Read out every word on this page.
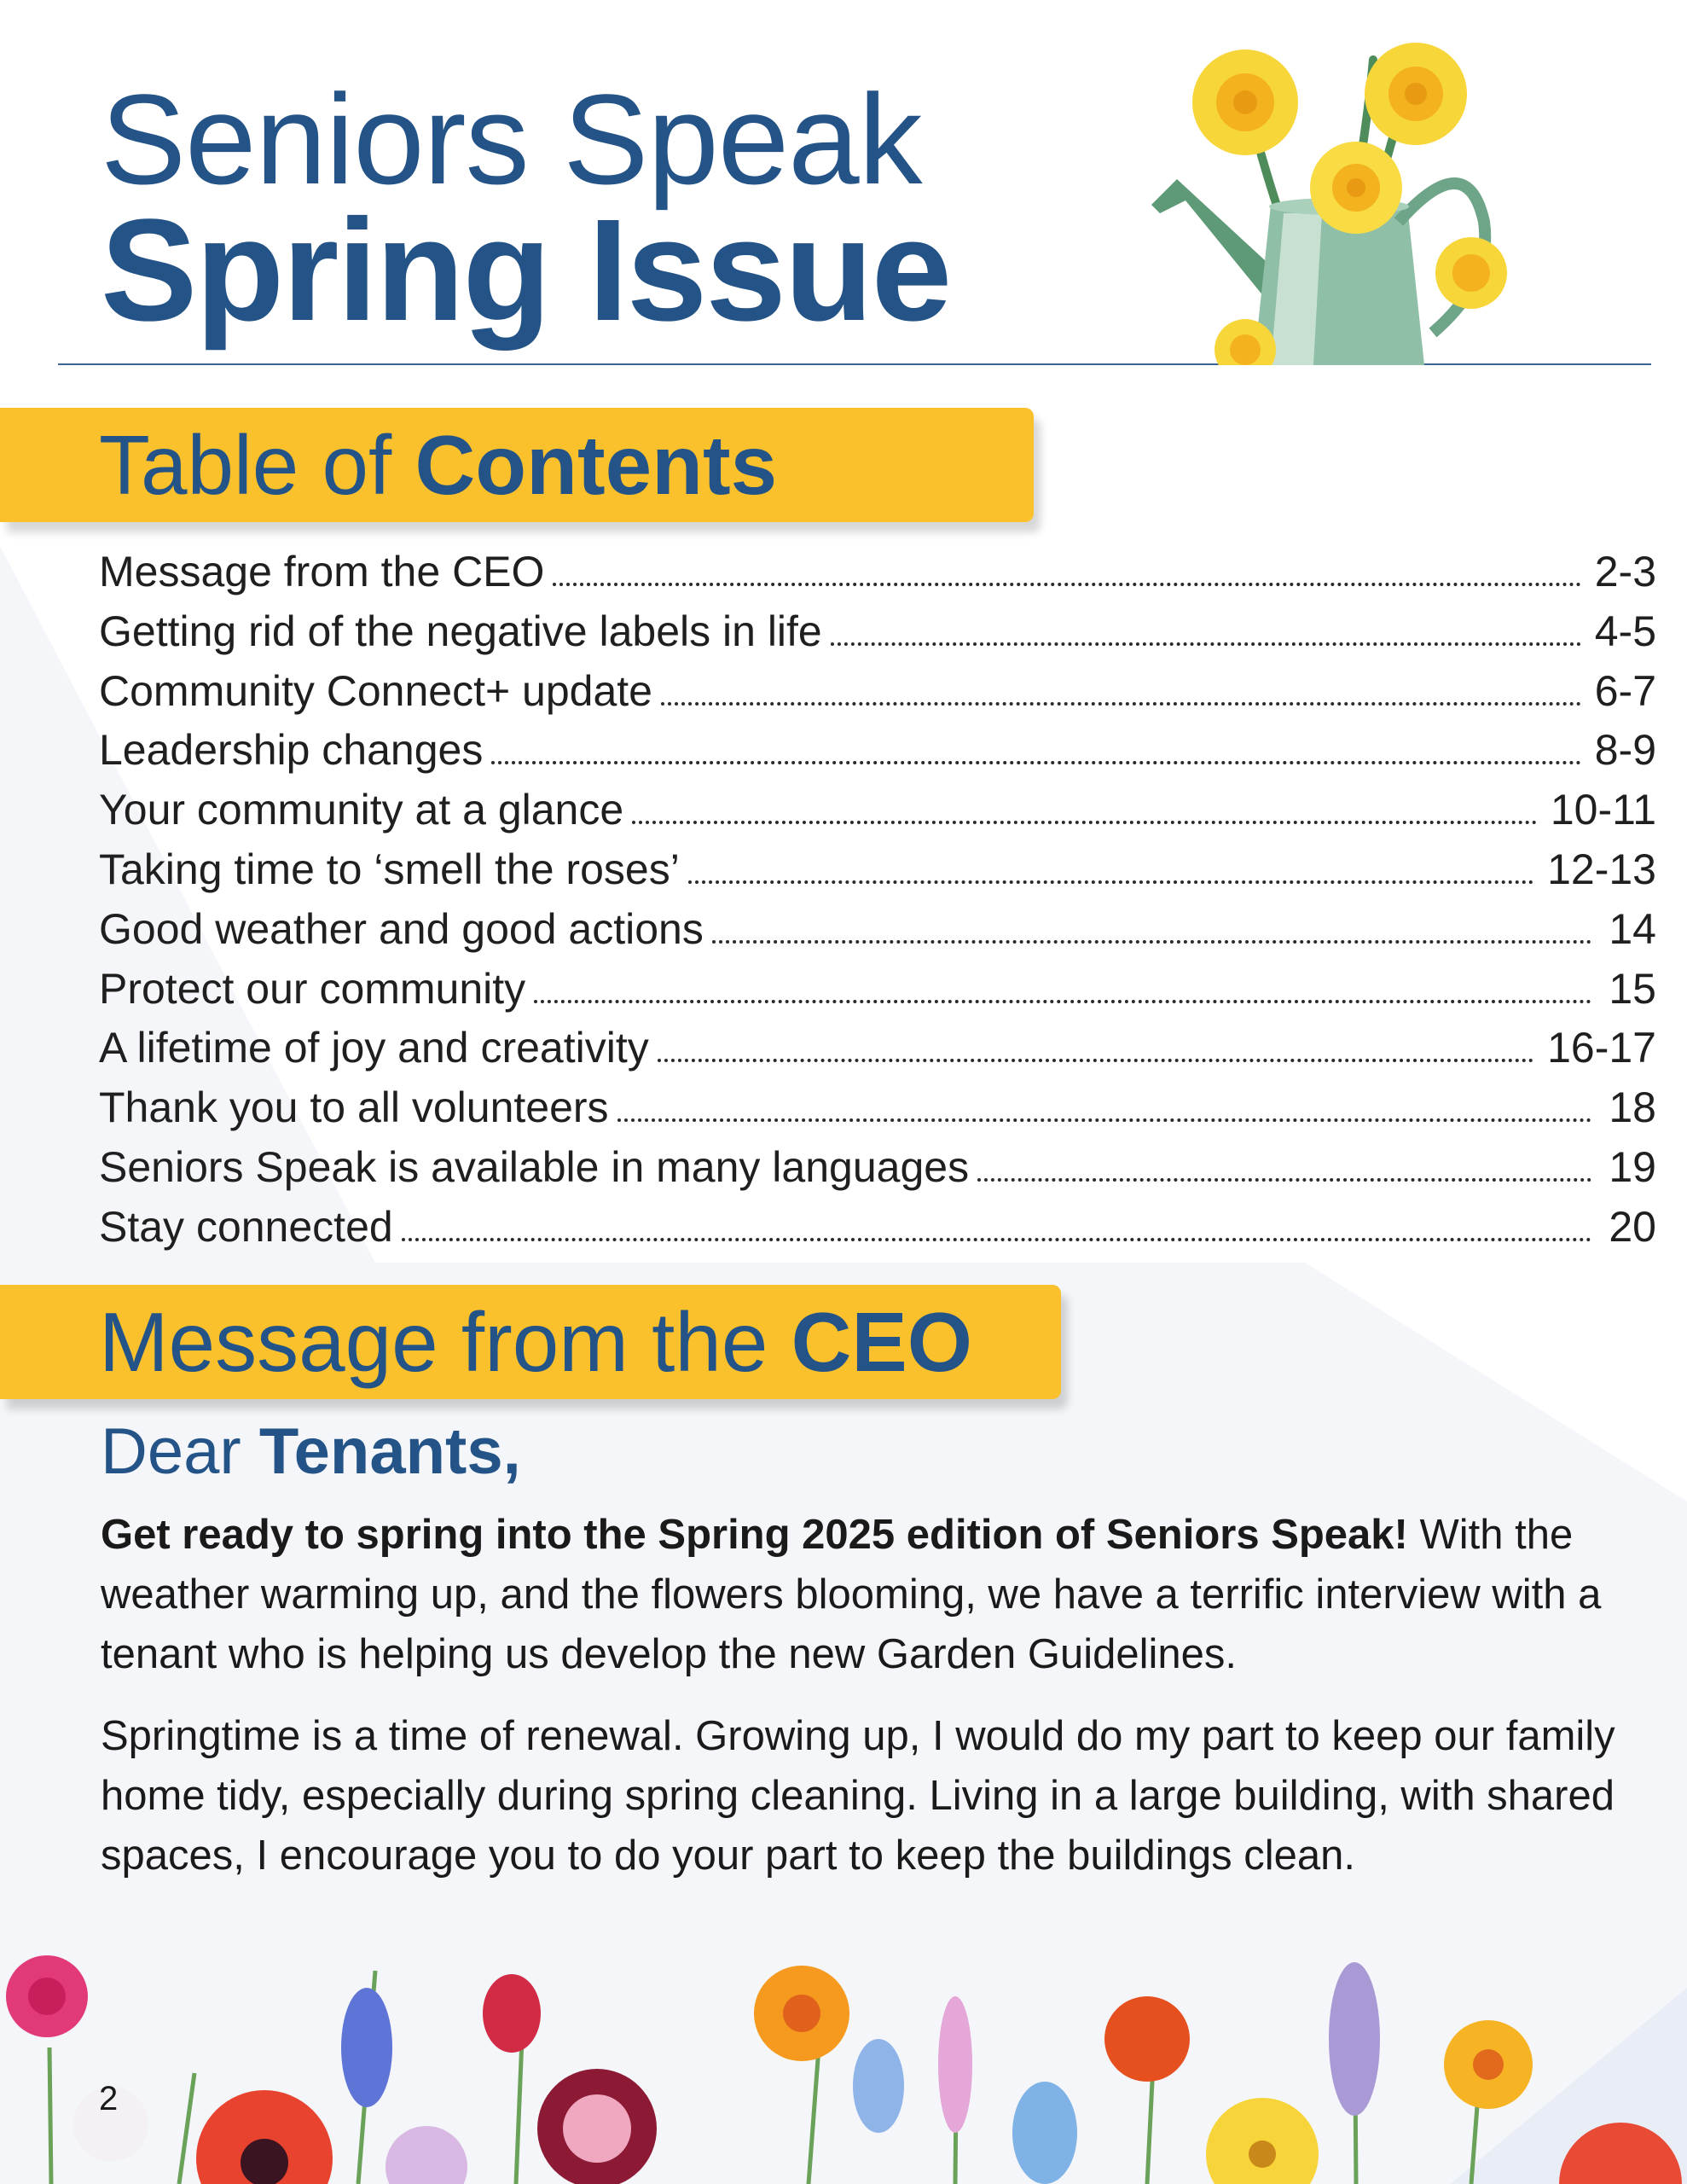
Seniors Speak
Spring Issue
Table of Contents
Message from the CEO	2-3
Getting rid of the negative labels in life	4-5
Community Connect+ update	6-7
Leadership changes	8-9
Your community at a glance	10-11
Taking time to ‘smell the roses’	12-13
Good weather and good actions	14
Protect our community	15
A lifetime of joy and creativity	16-17
Thank you to all volunteers	18
Seniors Speak is available in many languages	19
Stay connected	20
Message from the CEO
Dear Tenants,

Get ready to spring into the Spring 2025 edition of Seniors Speak! With the weather warming up, and the flowers blooming, we have a terrific interview with a tenant who is helping us develop the new Garden Guidelines.

Springtime is a time of renewal. Growing up, I would do my part to keep our family home tidy, especially during spring cleaning. Living in a large building, with shared spaces, I encourage you to do your part to keep the buildings clean.

2
